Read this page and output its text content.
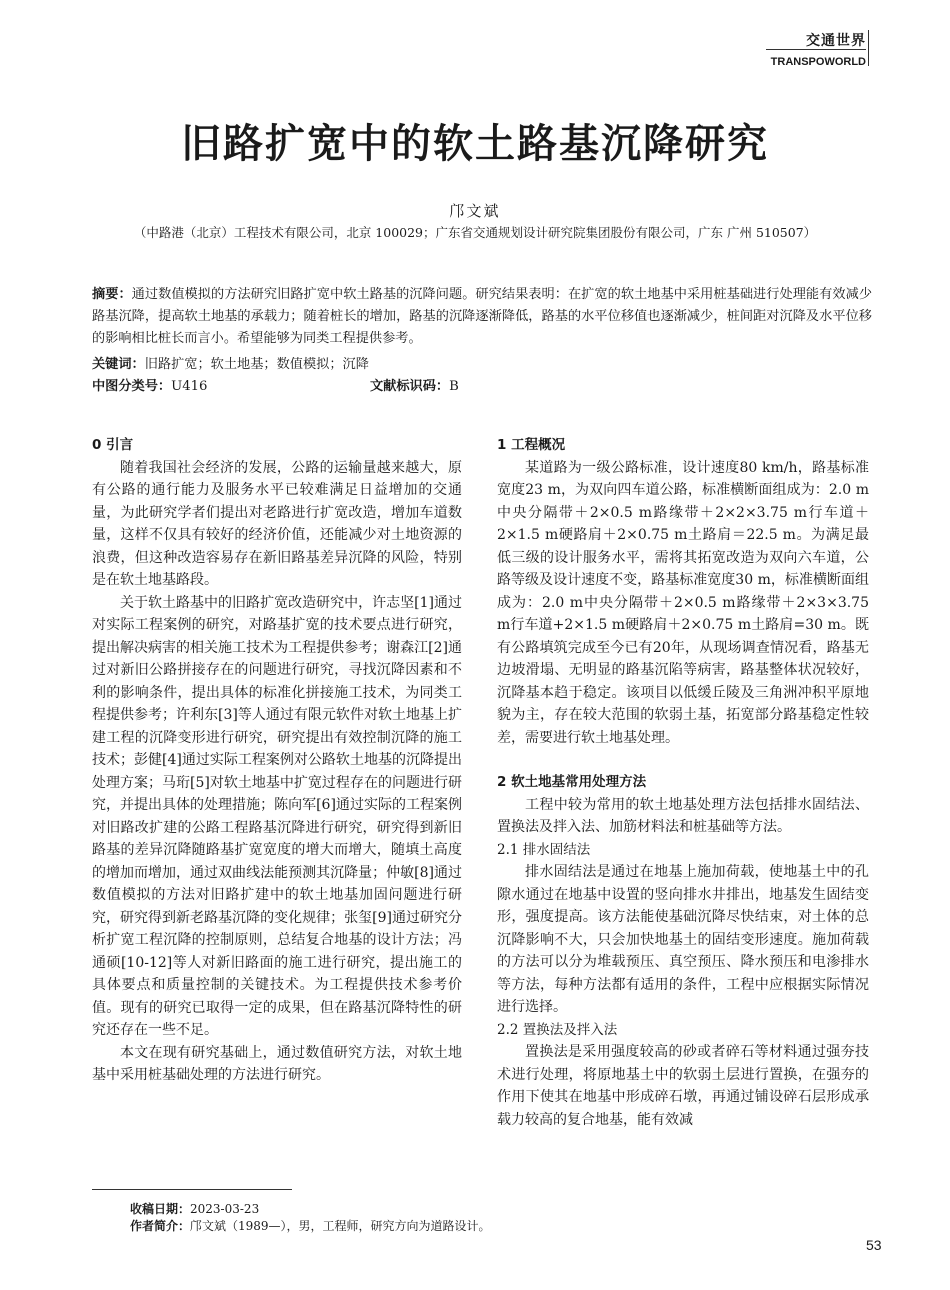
交通世界
TRANSPOWORLD
旧路扩宽中的软土路基沉降研究
邝文斌
（中路港（北京）工程技术有限公司，北京 100029；广东省交通规划设计研究院集团股份有限公司，广东 广州 510507）
摘要：通过数值模拟的方法研究旧路扩宽中软土路基的沉降问题。研究结果表明：在扩宽的软土地基中采用桩基础进行处理能有效减少路基沉降，提高软土地基的承载力；随着桩长的增加，路基的沉降逐渐降低，路基的水平位移值也逐渐减少，桩间距对沉降及水平位移的影响相比桩长而言小。希望能够为同类工程提供参考。
关键词：旧路扩宽；软土地基；数值模拟；沉降
中图分类号：U416	文献标识码：B
0 引言

随着我国社会经济的发展，公路的运输量越来越大，原有公路的通行能力及服务水平已较难满足日益增加的交通量，为此研究学者们提出对老路进行扩宽改造，增加车道数量，这样不仅具有较好的经济价值，还能减少对土地资源的浪费，但这种改造容易存在新旧路基差异沉降的风险，特别是在软土地基路段。

关于软土路基中的旧路扩宽改造研究中，许志坚[1]通过对实际工程案例的研究，对路基扩宽的技术要点进行研究，提出解决病害的相关施工技术为工程提供参考；谢森江[2]通过对新旧公路拼接存在的问题进行研究，寻找沉降因素和不利的影响条件，提出具体的标准化拼接施工技术，为同类工程提供参考；许利东[3]等人通过有限元软件对软土地基上扩建工程的沉降变形进行研究，研究提出有效控制沉降的施工技术；彭健[4]通过实际工程案例对公路软土地基的沉降提出处理方案；马珩[5]对软土地基中扩宽过程存在的问题进行研究，并提出具体的处理措施；陈向军[6]通过实际的工程案例对旧路改扩建的公路工程路基沉降进行研究，研究得到新旧路基的差异沉降随路基扩宽宽度的增大而增大，随填土高度的增加而增加，通过双曲线法能预测其沉降量；仲敏[8]通过数值模拟的方法对旧路扩建中的软土地基加固问题进行研究，研究得到新老路基沉降的变化规律；张玺[9]通过研究分析扩宽工程沉降的控制原则，总结复合地基的设计方法；冯通硕[10-12]等人对新旧路面的施工进行研究，提出施工的具体要点和质量控制的关键技术。为工程提供技术参考价值。现有的研究已取得一定的成果，但在路基沉降特性的研究还存在一些不足。

本文在现有研究基础上，通过数值研究方法，对软土地基中采用桩基础处理的方法进行研究。

1 工程概况

某道路为一级公路标准，设计速度80 km/h，路基标准宽度23 m，为双向四车道公路，标准横断面组成为：2.0 m中央分隔带＋2×0.5 m路缘带＋2×2×3.75 m行车道＋2×1.5 m硬路肩＋2×0.75 m土路肩＝22.5 m。为满足最低三级的设计服务水平，需将其拓宽改造为双向六车道，公路等级及设计速度不变，路基标准宽度30 m，标准横断面组成为：2.0 m中央分隔带＋2×0.5 m路缘带＋2×3×3.75 m行车道+2×1.5 m硬路肩＋2×0.75 m土路肩=30 m。既有公路填筑完成至今已有20年，从现场调查情况看，路基无边坡滑塌、无明显的路基沉陷等病害，路基整体状况较好，沉降基本趋于稳定。该项目以低缓丘陵及三角洲冲积平原地貌为主，存在较大范围的软弱土基，拓宽部分路基稳定性较差，需要进行软土地基处理。

2 软土地基常用处理方法

工程中较为常用的软土地基处理方法包括排水固结法、置换法及拌入法、加筋材料法和桩基础等方法。

2.1 排水固结法

排水固结法是通过在地基上施加荷载，使地基土中的孔隙水通过在地基中设置的竖向排水井排出，地基发生固结变形，强度提高。该方法能使基础沉降尽快结束，对土体的总沉降影响不大，只会加快地基土的固结变形速度。施加荷载的方法可以分为堆载预压、真空预压、降水预压和电渗排水等方法，每种方法都有适用的条件，工程中应根据实际情况进行选择。

2.2 置换法及拌入法

置换法是采用强度较高的砂或者碎石等材料通过强夯技术进行处理，将原地基土中的软弱土层进行置换，在强夯的作用下使其在地基中形成碎石墩，再通过铺设碎石层形成承载力较高的复合地基，能有效减

收稿日期：2023-03-23
作者简介：邝文斌（1989—），男，工程师，研究方向为道路设计。
53
